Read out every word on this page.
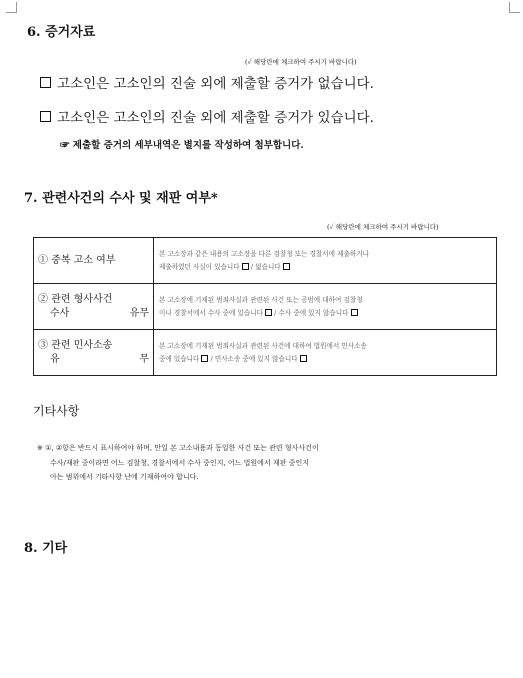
6. 증거자료
(✓ 해당란에 체크하여 주시기 바랍니다)
고소인은 고소인의 진술 외에 제출할 증거가 없습니다.
고소인은 고소인의 진술 외에 제출할 증거가 있습니다.
☞ 제출할 증거의 세부내역은 별지를 작성하여 첨부합니다.
7. 관련사건의 수사 및 재판 여부*
(✓ 해당란에 체크하여 주시기 바랍니다)
① 중복 고소 여부	본 고소장과 같은 내용의 고소장을 다른 검찰청 또는 경찰서에 제출하거나
제출하였던 사실이 있습니다 / 없습니다

② 관련 형사사건
수사 유무	본 고소장에 기재된 범죄사실과 관련된 사건 또는 공범에 대하여 검찰청
이나 경찰서에서 수사 중에 있습니다 / 수사 중에 있지 않습니다

③ 관련 민사소송
유 무	본 고소장에 기재된 범죄사실과 관련된 사건에 대하여 법원에서 민사소송
중에 있습니다 / 민사소송 중에 있지 않습니다
기타사항
※ ①, ②항은 반드시 표시하여야 하며, 만일 본 고소내용과 동일한 사건 또는 관련 형사사건이
수사/재판 중이라면 어느 검찰청, 경찰서에서 수사 중인지, 어느 법원에서 재판 중인지
아는 범위에서 기타사항 난에 기재하여야 합니다.
8. 기타
